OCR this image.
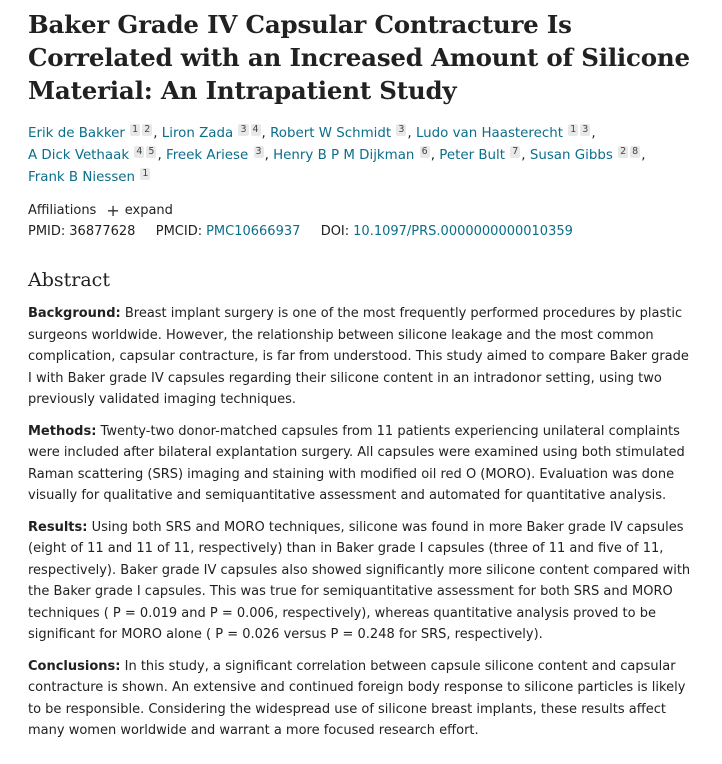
Baker Grade IV Capsular Contracture Is Correlated with an Increased Amount of Silicone Material: An Intrapatient Study
Erik de Bakker 1 2 , Liron Zada 3 4 , Robert W Schmidt 3 , Ludo van Haasterecht 1 3 ,
A Dick Vethaak 4 5 , Freek Ariese 3 , Henry B P M Dijkman 6 , Peter Bult 7 , Susan Gibbs 2 8 ,
Frank B Niessen 1
Affiliations + expand
PMID: 36877628 PMCID: PMC10666937 DOI: 10.1097/PRS.0000000000010359
Abstract

Background: Breast implant surgery is one of the most frequently performed procedures by plastic surgeons worldwide. However, the relationship between silicone leakage and the most common complication, capsular contracture, is far from understood. This study aimed to compare Baker grade I with Baker grade IV capsules regarding their silicone content in an intradonor setting, using two previously validated imaging techniques.

Methods: Twenty-two donor-matched capsules from 11 patients experiencing unilateral complaints were included after bilateral explantation surgery. All capsules were examined using both stimulated Raman scattering (SRS) imaging and staining with modified oil red O (MORO). Evaluation was done visually for qualitative and semiquantitative assessment and automated for quantitative analysis.

Results: Using both SRS and MORO techniques, silicone was found in more Baker grade IV capsules (eight of 11 and 11 of 11, respectively) than in Baker grade I capsules (three of 11 and five of 11, respectively). Baker grade IV capsules also showed significantly more silicone content compared with the Baker grade I capsules. This was true for semiquantitative assessment for both SRS and MORO techniques ( P = 0.019 and P = 0.006, respectively), whereas quantitative analysis proved to be significant for MORO alone ( P = 0.026 versus P = 0.248 for SRS, respectively).

Conclusions: In this study, a significant correlation between capsule silicone content and capsular contracture is shown. An extensive and continued foreign body response to silicone particles is likely to be responsible. Considering the widespread use of silicone breast implants, these results affect many women worldwide and warrant a more focused research effort.
